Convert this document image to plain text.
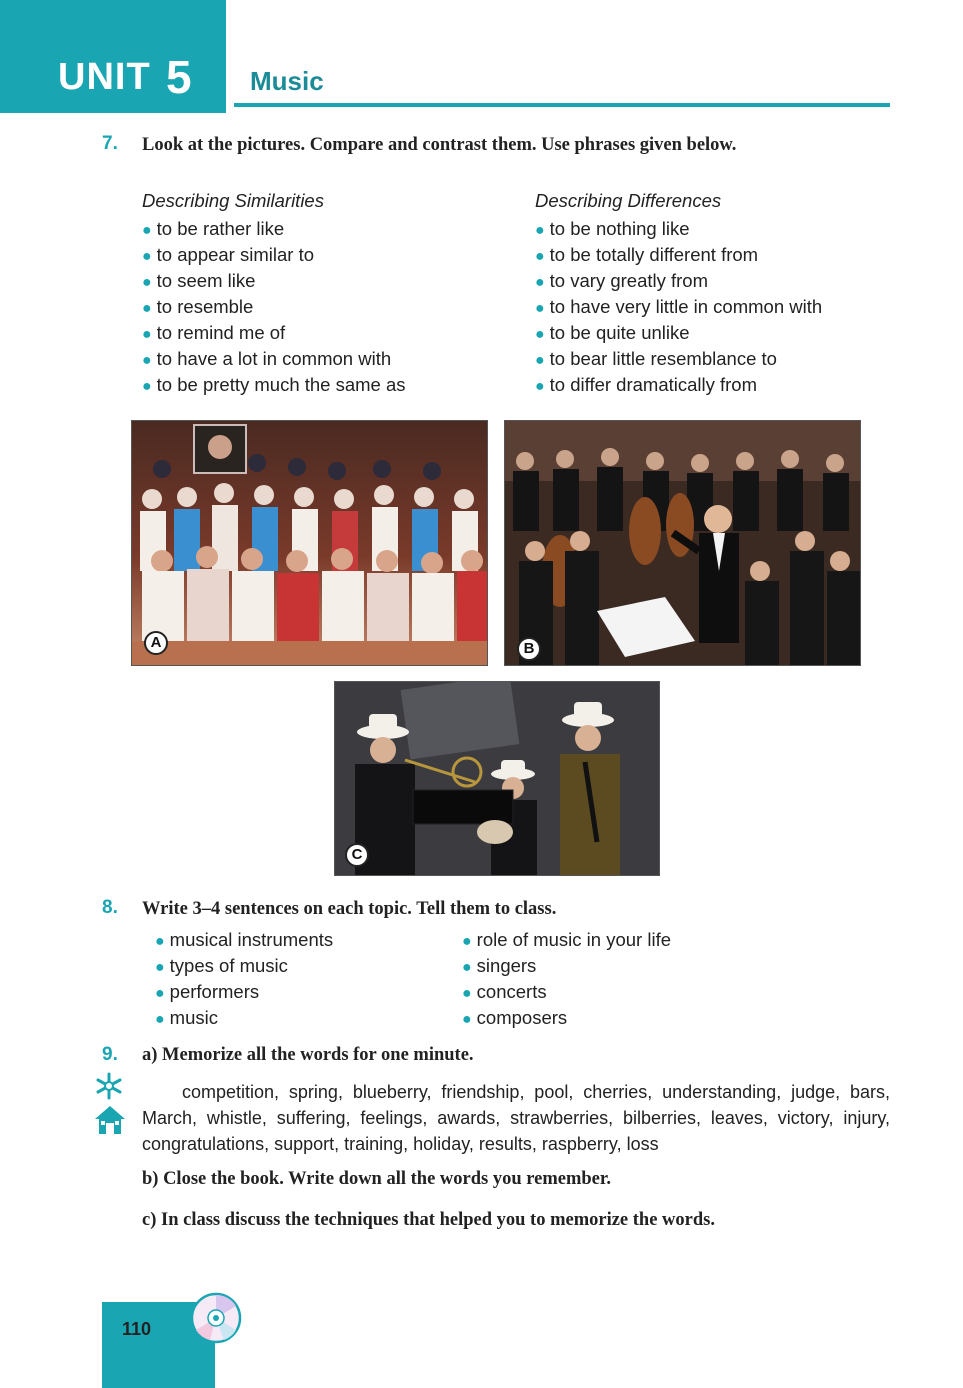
UNIT 5 Music
7. Look at the pictures. Compare and contrast them. Use phrases given below.
Describing Similarities
● to be rather like
● to appear similar to
● to seem like
● to resemble
● to remind me of
● to have a lot in common with
● to be pretty much the same as
Describing Differences
● to be nothing like
● to be totally different from
● to vary greatly from
● to have very little in common with
● to be quite unlike
● to bear little resemblance to
● to differ dramatically from
A	B
C
8. Write 3–4 sentences on each topic. Tell them to class.
● musical instruments
● types of music
● performers
● music
● role of music in your life
● singers
● concerts
● composers
9. a) Memorize all the words for one minute.
competition, spring, blueberry, friendship, pool, cherries, understanding, judge, bars, March, whistle, suffering, feelings, awards, strawberries, bilberries, leaves, victory, injury, congratulations, support, training, holiday, results, raspberry, loss
b) Close the book. Write down all the words you remember.
c) In class discuss the techniques that helped you to memorize the words.
110
